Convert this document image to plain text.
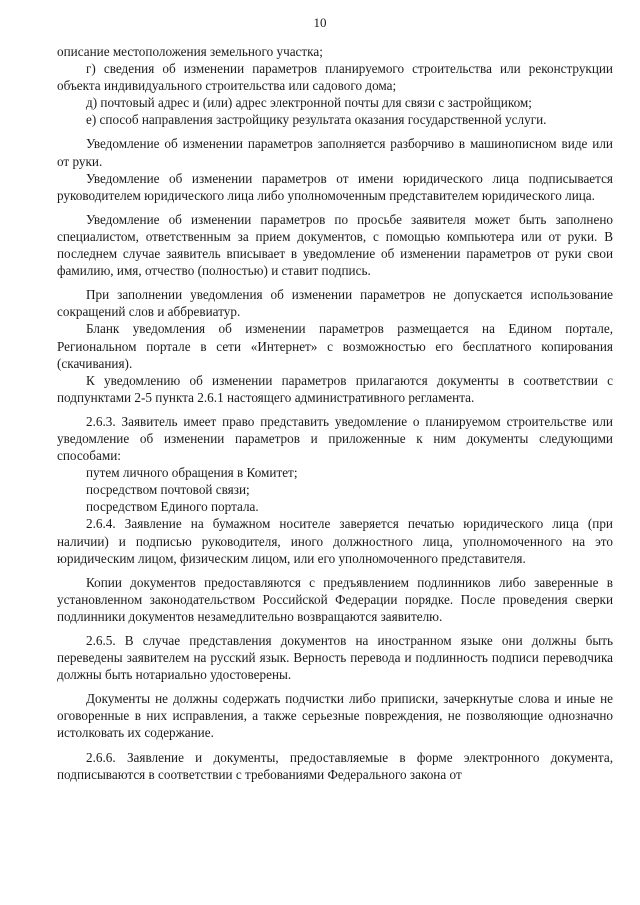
10

описание местоположения земельного участка;

г) сведения об изменении параметров планируемого строительства или реконструкции объекта индивидуального строительства или садового дома;

д) почтовый адрес и (или) адрес электронной почты для связи с застройщиком;

е) способ направления застройщику результата оказания государственной услуги.

Уведомление об изменении параметров заполняется разборчиво в машинописном виде или от руки.

Уведомление об изменении параметров от имени юридического лица подписывается руководителем юридического лица либо уполномоченным представителем юридического лица.

Уведомление об изменении параметров по просьбе заявителя может быть заполнено специалистом, ответственным за прием документов, с помощью компьютера или от руки. В последнем случае заявитель вписывает в уведомление об изменении параметров от руки свои фамилию, имя, отчество (полностью) и ставит подпись.

При заполнении уведомления об изменении параметров не допускается использование сокращений слов и аббревиатур.

Бланк уведомления об изменении параметров размещается на Едином портале, Региональном портале в сети «Интернет» с возможностью его бесплатного копирования (скачивания).

К уведомлению об изменении параметров прилагаются документы в соответствии с подпунктами 2-5 пункта 2.6.1 настоящего административного регламента.

2.6.3. Заявитель имеет право представить уведомление о планируемом строительстве или уведомление об изменении параметров и приложенные к ним документы следующими способами:

путем личного обращения в Комитет;

посредством почтовой связи;

посредством Единого портала.

2.6.4. Заявление на бумажном носителе заверяется печатью юридического лица (при наличии) и подписью руководителя, иного должностного лица, уполномоченного на это юридическим лицом, физическим лицом, или его уполномоченного представителя.

Копии документов предоставляются с предъявлением подлинников либо заверенные в установленном законодательством Российской Федерации порядке. После проведения сверки подлинники документов незамедлительно возвращаются заявителю.

2.6.5. В случае представления документов на иностранном языке они должны быть переведены заявителем на русский язык. Верность перевода и подлинность подписи переводчика должны быть нотариально удостоверены.

Документы не должны содержать подчистки либо приписки, зачеркнутые слова и иные не оговоренные в них исправления, а также серьезные повреждения, не позволяющие однозначно истолковать их содержание.

2.6.6. Заявление и документы, предоставляемые в форме электронного документа, подписываются в соответствии с требованиями Федерального закона от
